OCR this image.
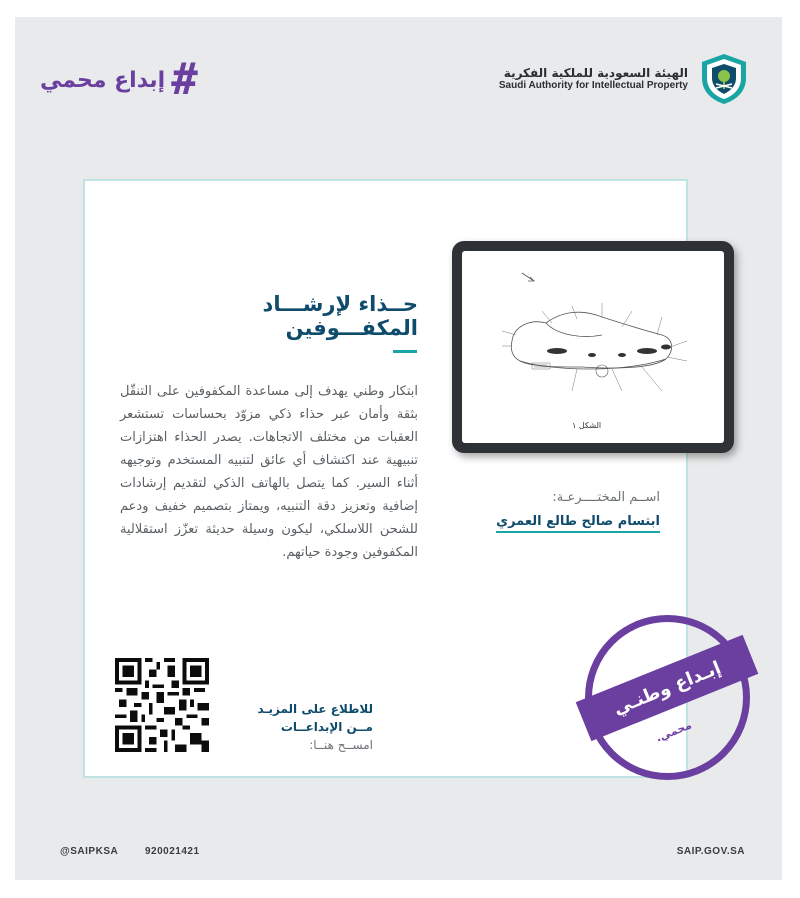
#
إبداع محمي	الهيئة السعودية للملكية الفكرية
Saudi Authority for Intellectual Property
حــذاء لإرشـــاد المكفـــوفين
ابتكار وطني يهدف إلى مساعدة المكفوفين على التنقّل بثقة وأمان عبر حذاء ذكي مزوّد بحساسات تستشعر العقبات من مختلف الاتجاهات. يصدر الحذاء اهتزازات تنبيهية عند اكتشاف أي عائق لتنبيه المستخدم وتوجيهه أثناء السير. كما يتصل بالهاتف الذكي لتقديم إرشادات إضافية وتعزيز دقة التنبيه، ويمتاز بتصميم خفيف ودعم للشحن اللاسلكي، ليكون وسيلة حديثة تعزّز استقلالية المكفوفين وجودة حياتهم.
الشكل ١
اســم المختــــرعـة:
ابتسام صالح طالع العمري
للاطلاع على المزيـد
مــن الإبداعــات
امســح هنــا:
إبـداع وطنـي
محمي.
@SAIPKSA	920021421	SAIP.GOV.SA
